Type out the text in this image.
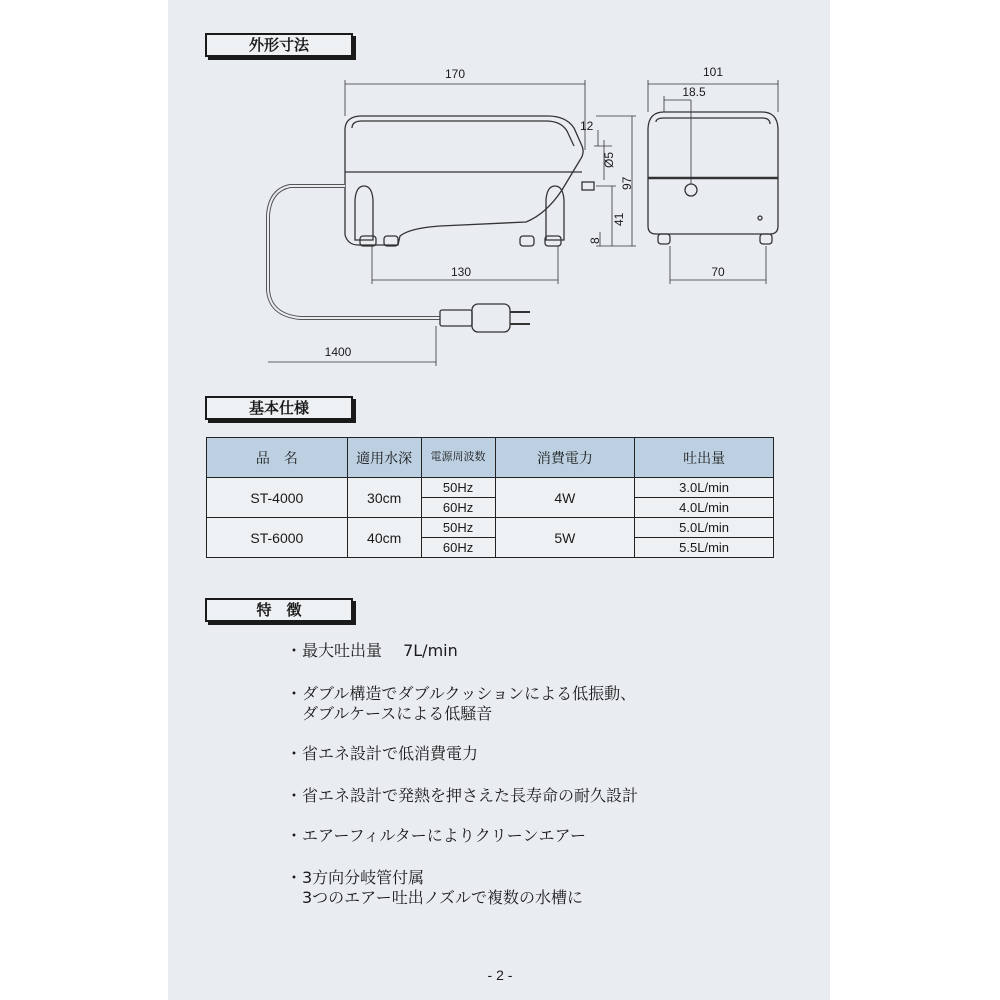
外形寸法
基本仕様
特　徴
170	101
18.5
12
Ø5
97
41
8
130	70
1400
品　名	適用水深	電源周波数	消費電力	吐出量
ST-4000	30cm	50Hz	4W	3.0L/min
		60Hz		4.0L/min
ST-6000	40cm	50Hz	5W	5.0L/min
		60Hz		5.5L/min
・最大吐出量　 7L/min
・ダブル構造でダブルクッションによる低振動、
ダブルケースによる低騒音
・省エネ設計で低消費電力
・省エネ設計で発熱を押さえた長寿命の耐久設計
・エアーフィルターによりクリーンエアー
・3方向分岐管付属
3つのエアー吐出ノズルで複数の水槽に
- 2 -
